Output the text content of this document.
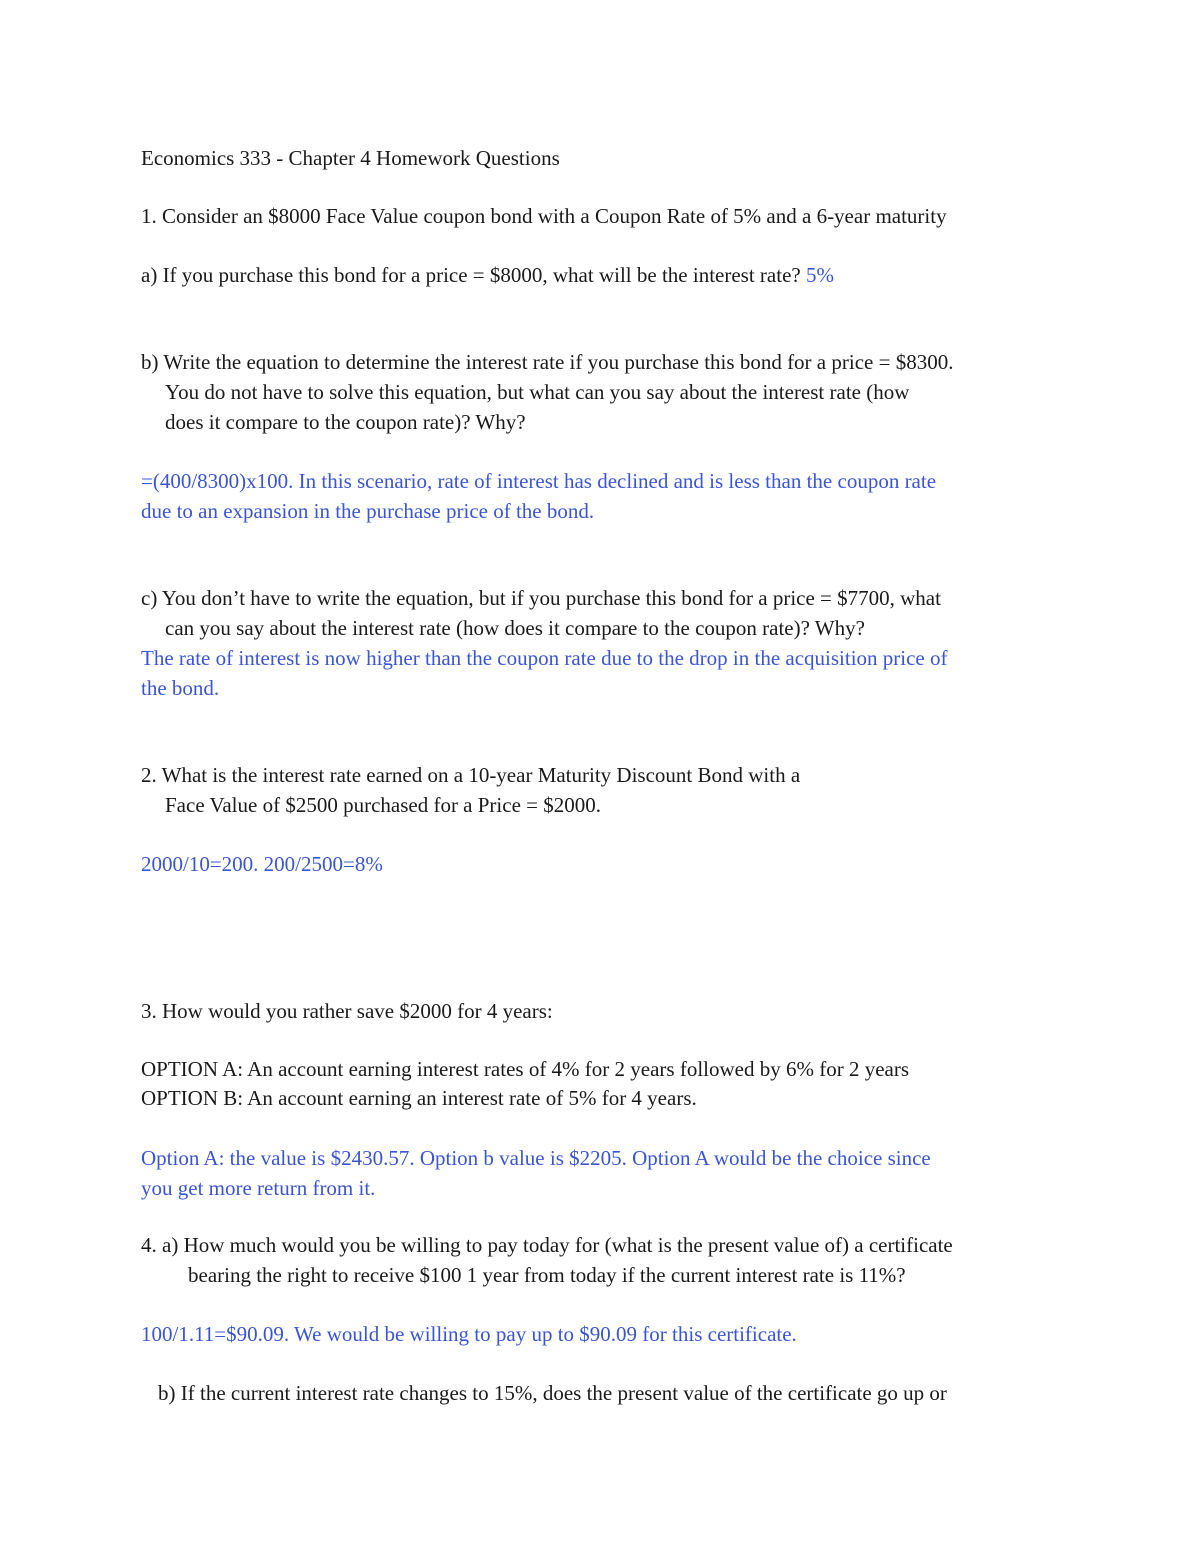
Economics 333 - Chapter 4 Homework Questions

1. Consider an $8000 Face Value coupon bond with a Coupon Rate of 5% and a 6-year maturity

a) If you purchase this bond for a price = $8000, what will be the interest rate? 5%

b) Write the equation to determine the interest rate if you purchase this bond for a price = $8300.

You do not have to solve this equation, but what can you say about the interest rate (how

does it compare to the coupon rate)? Why?

=(400/8300)x100. In this scenario, rate of interest has declined and is less than the coupon rate

due to an expansion in the purchase price of the bond.

c) You don’t have to write the equation, but if you purchase this bond for a price = $7700, what

can you say about the interest rate (how does it compare to the coupon rate)? Why?

The rate of interest is now higher than the coupon rate due to the drop in the acquisition price of

the bond.

2. What is the interest rate earned on a 10-year Maturity Discount Bond with a

Face Value of $2500 purchased for a Price = $2000.

2000/10=200. 200/2500=8%

3. How would you rather save $2000 for 4 years:

OPTION A: An account earning interest rates of 4% for 2 years followed by 6% for 2 years

OPTION B: An account earning an interest rate of 5% for 4 years.

Option A: the value is $2430.57. Option b value is $2205. Option A would be the choice since

you get more return from it.

4. a) How much would you be willing to pay today for (what is the present value of) a certificate

bearing the right to receive $100 1 year from today if the current interest rate is 11%?

100/1.11=$90.09. We would be willing to pay up to $90.09 for this certificate.

b) If the current interest rate changes to 15%, does the present value of the certificate go up or
